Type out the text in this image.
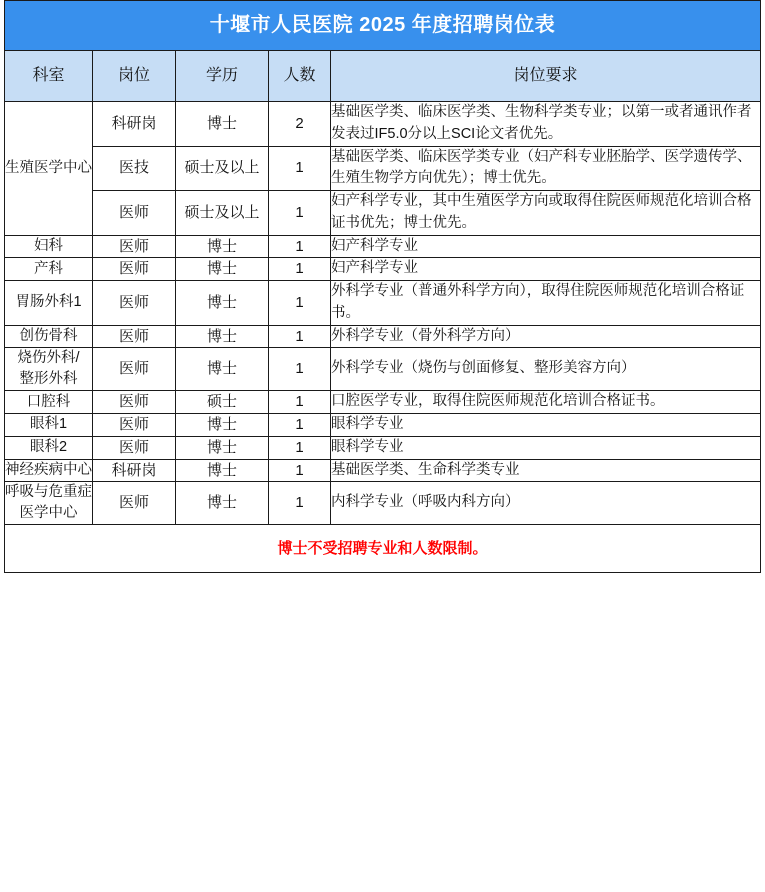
十堰市人民医院 2025 年度招聘岗位表				
科室	岗位	学历	人数	岗位要求
生殖医学中心	科研岗	博士	2	基础医学类、临床医学类、生物科学类专业；以第一或者通讯作者发表过IF5.0分以上SCI论文者优先。
	医技	硕士及以上	1	基础医学类、临床医学类专业（妇产科专业胚胎学、医学遗传学、生殖生物学方向优先）；博士优先。
	医师	硕士及以上	1	妇产科学专业，其中生殖医学方向或取得住院医师规范化培训合格证书优先；博士优先。
妇科	医师	博士	1	妇产科学专业
产科	医师	博士	1	妇产科学专业
胃肠外科1	医师	博士	1	外科学专业（普通外科学方向），取得住院医师规范化培训合格证书。
创伤骨科	医师	博士	1	外科学专业（骨外科学方向）
烧伤外科/
整形外科	医师	博士	1	外科学专业（烧伤与创面修复、整形美容方向）
口腔科	医师	硕士	1	口腔医学专业，取得住院医师规范化培训合格证书。
眼科1	医师	博士	1	眼科学专业
眼科2	医师	博士	1	眼科学专业
神经疾病中心	科研岗	博士	1	基础医学类、生命科学类专业
呼吸与危重症医学中心	医师	博士	1	内科学专业（呼吸内科方向）
博士不受招聘专业和人数限制。				
